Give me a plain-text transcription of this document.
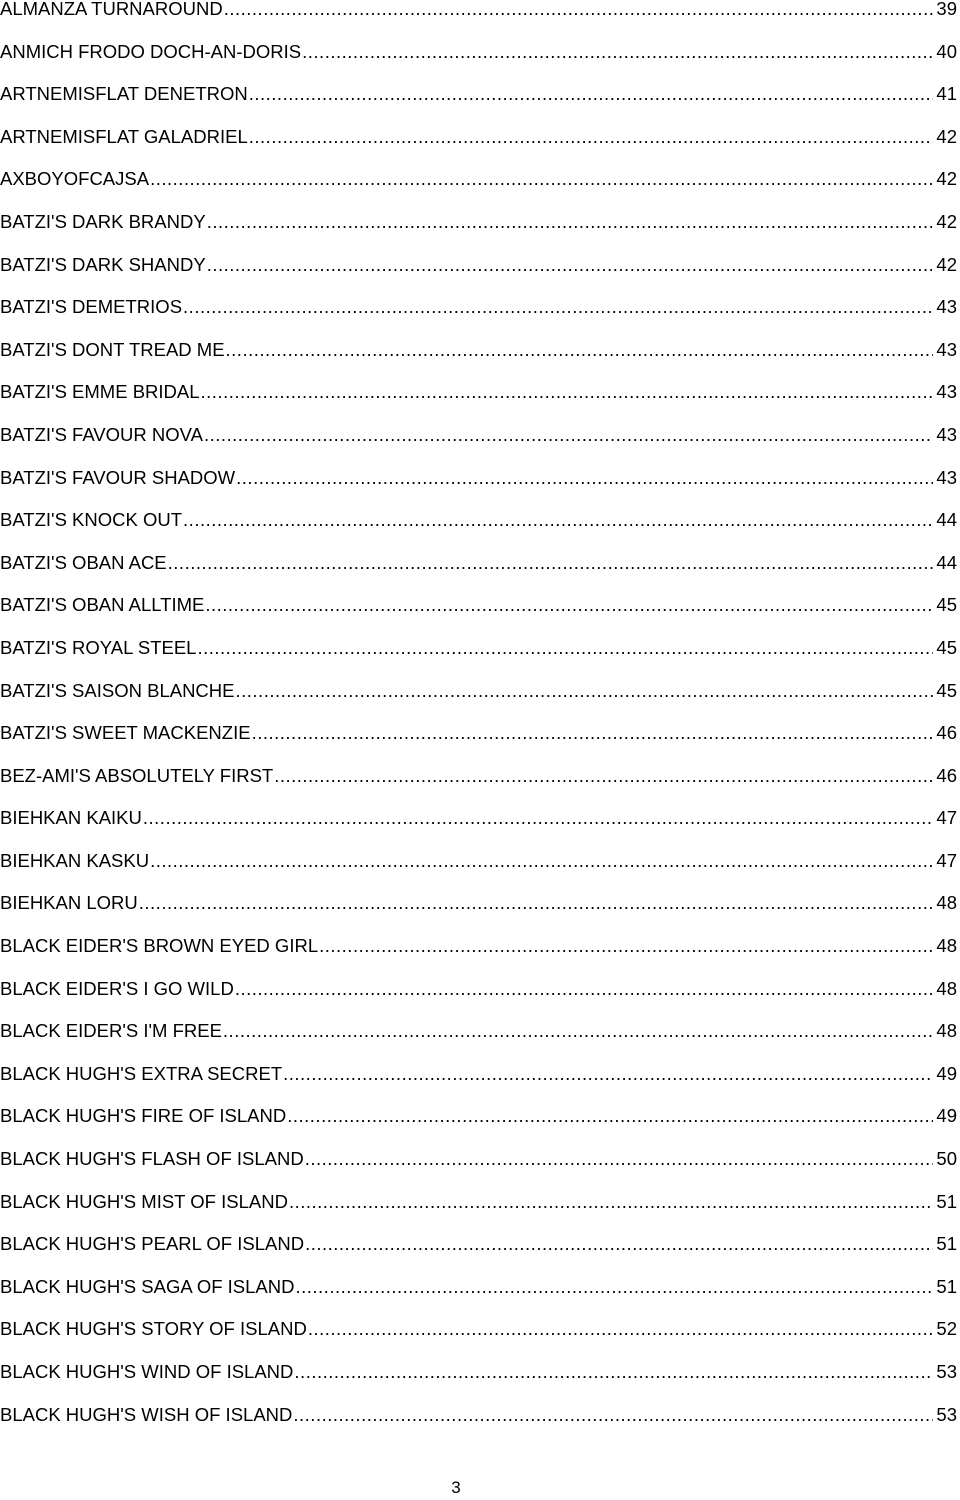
ALMANZA TURNAROUND .....	39
ANMICH FRODO DOCH-AN-DORIS .....	40
ARTNEMISFLAT DENETRON .....	41
ARTNEMISFLAT GALADRIEL .....	42
AXBOYOFCAJSA .....	42
BATZI'S DARK BRANDY .....	42
BATZI'S DARK SHANDY .....	42
BATZI'S DEMETRIOS .....	43
BATZI'S DONT TREAD ME .....	43
BATZI'S EMME BRIDAL .....	43
BATZI'S FAVOUR NOVA .....	43
BATZI'S FAVOUR SHADOW .....	43
BATZI'S KNOCK OUT .....	44
BATZI'S OBAN ACE .....	44
BATZI'S OBAN ALLTIME .....	45
BATZI'S ROYAL STEEL .....	45
BATZI'S SAISON BLANCHE .....	45
BATZI'S SWEET MACKENZIE .....	46
BEZ-AMI'S ABSOLUTELY FIRST .....	46
BIEHKAN KAIKU .....	47
BIEHKAN KASKU .....	47
BIEHKAN LORU .....	48
BLACK EIDER'S BROWN EYED GIRL .....	48
BLACK EIDER'S I GO WILD .....	48
BLACK EIDER'S I'M FREE .....	48
BLACK HUGH'S EXTRA SECRET .....	49
BLACK HUGH'S FIRE OF ISLAND .....	49
BLACK HUGH'S FLASH OF ISLAND .....	50
BLACK HUGH'S MIST OF ISLAND .....	51
BLACK HUGH'S PEARL OF ISLAND .....	51
BLACK HUGH'S SAGA OF ISLAND .....	51
BLACK HUGH'S STORY OF ISLAND .....	52
BLACK HUGH'S WIND OF ISLAND .....	53
BLACK HUGH'S WISH OF ISLAND .....	53
3
